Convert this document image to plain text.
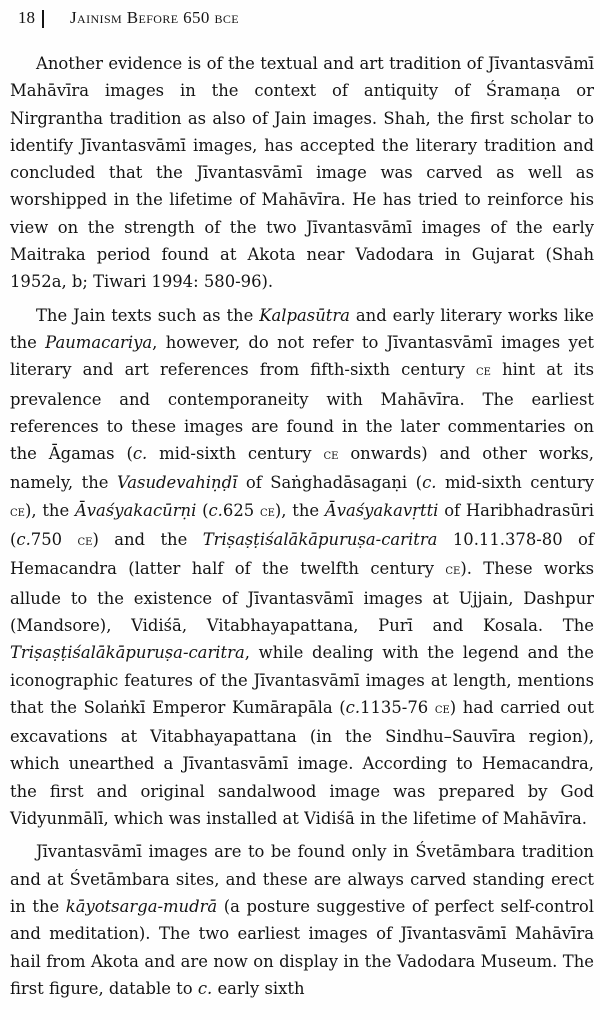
18 Jainism Before 650 bce

Another evidence is of the textual and art tradition of Jīvantasvāmī Mahāvīra images in the context of antiquity of Śramaṇa or Nirgrantha tradition as also of Jain images. Shah, the first scholar to identify Jīvantasvāmī images, has accepted the literary tradition and concluded that the Jīvantasvāmī image was carved as well as worshipped in the lifetime of Mahāvīra. He has tried to reinforce his view on the strength of the two Jīvantasvāmī images of the early Maitraka period found at Akota near Vadodara in Gujarat (Shah 1952a, b; Tiwari 1994: 580-96).

The Jain texts such as the Kalpasūtra and early literary works like the Paumacariya, however, do not refer to Jīvantasvāmī images yet literary and art references from fifth-sixth century ce hint at its prevalence and contemporaneity with Mahāvīra. The earliest references to these images are found in the later commentaries on the Āgamas (c. mid-sixth century ce onwards) and other works, namely, the Vasudevahiṇḍī of Saṅghadāsagaṇi (c. mid-sixth century ce), the Āvaśyakacūrṇi (c.625 ce), the Āvaśyakavṛtti of Haribhadrasūri (c.750 ce) and the Triṣaṣṭiśalākāpuruṣa-caritra 10.11.378-80 of Hemacandra (latter half of the twelfth century ce). These works allude to the existence of Jīvantasvāmī images at Ujjain, Dashpur (Mandsore), Vidiśā, Vitabhayapattana, Purī and Kosala. The Triṣaṣṭiśalākāpuruṣa-caritra, while dealing with the legend and the iconographic features of the Jīvantasvāmī images at length, mentions that the Solaṅkī Emperor Kumārapāla (c.1135-76 ce) had carried out excavations at Vitabhayapattana (in the Sindhu–Sauvīra region), which unearthed a Jīvantasvāmī image. According to Hemacandra, the first and original sandalwood image was prepared by God Vidyunmālī, which was installed at Vidiśā in the lifetime of Mahāvīra.

Jīvantasvāmī images are to be found only in Śvetāmbara tradition and at Śvetāmbara sites, and these are always carved standing erect in the kāyotsarga-mudrā (a posture suggestive of perfect self-control and meditation). The two earliest images of Jīvantasvāmī Mahāvīra hail from Akota and are now on display in the Vadodara Museum. The first figure, datable to c. early sixth
